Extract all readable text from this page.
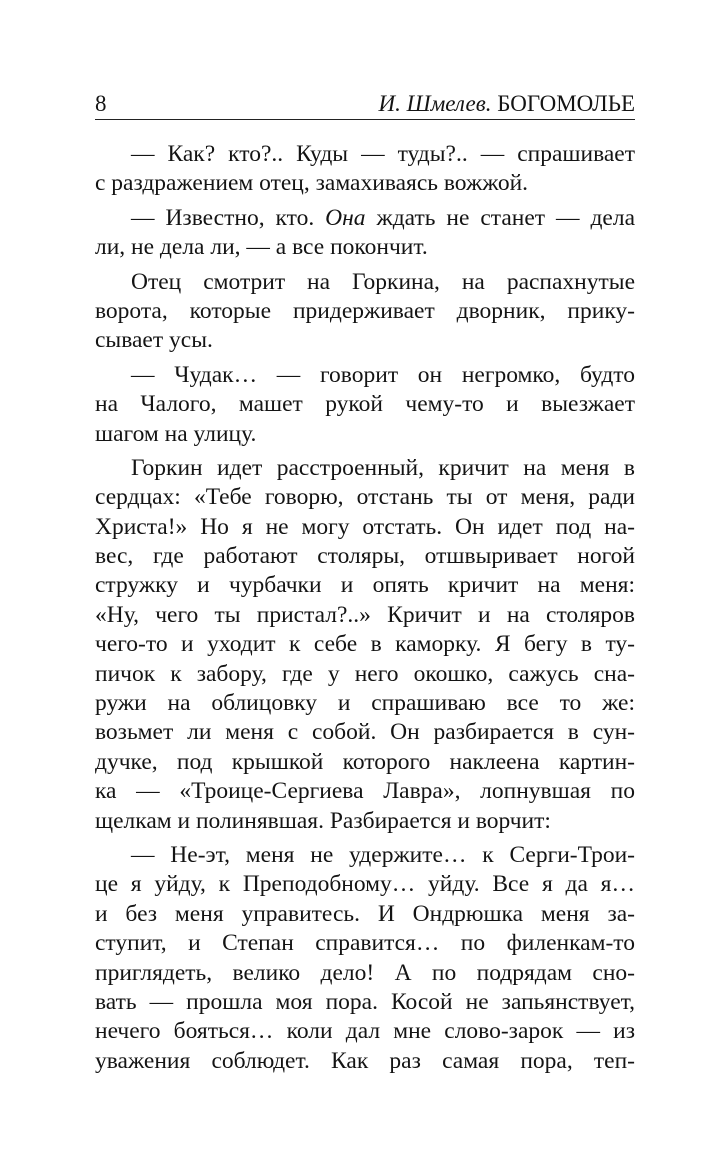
8	И. Шмелев. БОГОМОЛЬЕ
— Как? кто?.. Куды — туды?.. — спрашивает
с раздражением отец, замахиваясь вожжой.
— Известно, кто. Она ждать не станет — дела
ли, не дела ли, — а все покончит.
Отец смотрит на Горкина, на распахнутые
ворота, которые придерживает дворник, прику-
сывает усы.
— Чудак… — говорит он негромко, будто
на Чалого, машет рукой чему-то и выезжает
шагом на улицу.
Горкин идет расстроенный, кричит на меня в
сердцах: «Тебе говорю, отстань ты от меня, ради
Христа!» Но я не могу отстать. Он идет под на-
вес, где работают столяры, отшвыривает ногой
стружку и чурбачки и опять кричит на меня:
«Ну, чего ты пристал?..» Кричит и на столяров
чего-то и уходит к себе в каморку. Я бегу в ту-
пичок к забору, где у него окошко, сажусь сна-
ружи на облицовку и спрашиваю все то же:
возьмет ли меня с собой. Он разбирается в сун-
дучке, под крышкой которого наклеена картин-
ка — «Троице-Сергиева Лавра», лопнувшая по
щелкам и полинявшая. Разбирается и ворчит:
— Не-эт, меня не удержите… к Серги-Трои-
це я уйду, к Преподобному… уйду. Все я да я…
и без меня управитесь. И Ондрюшка меня за-
ступит, и Степан справится… по филенкам-то
приглядеть, велико дело! А по подрядам сно-
вать — прошла моя пора. Косой не запьянствует,
нечего бояться… коли дал мне слово-зарок — из
уважения соблюдет. Как раз самая пора, теп-
